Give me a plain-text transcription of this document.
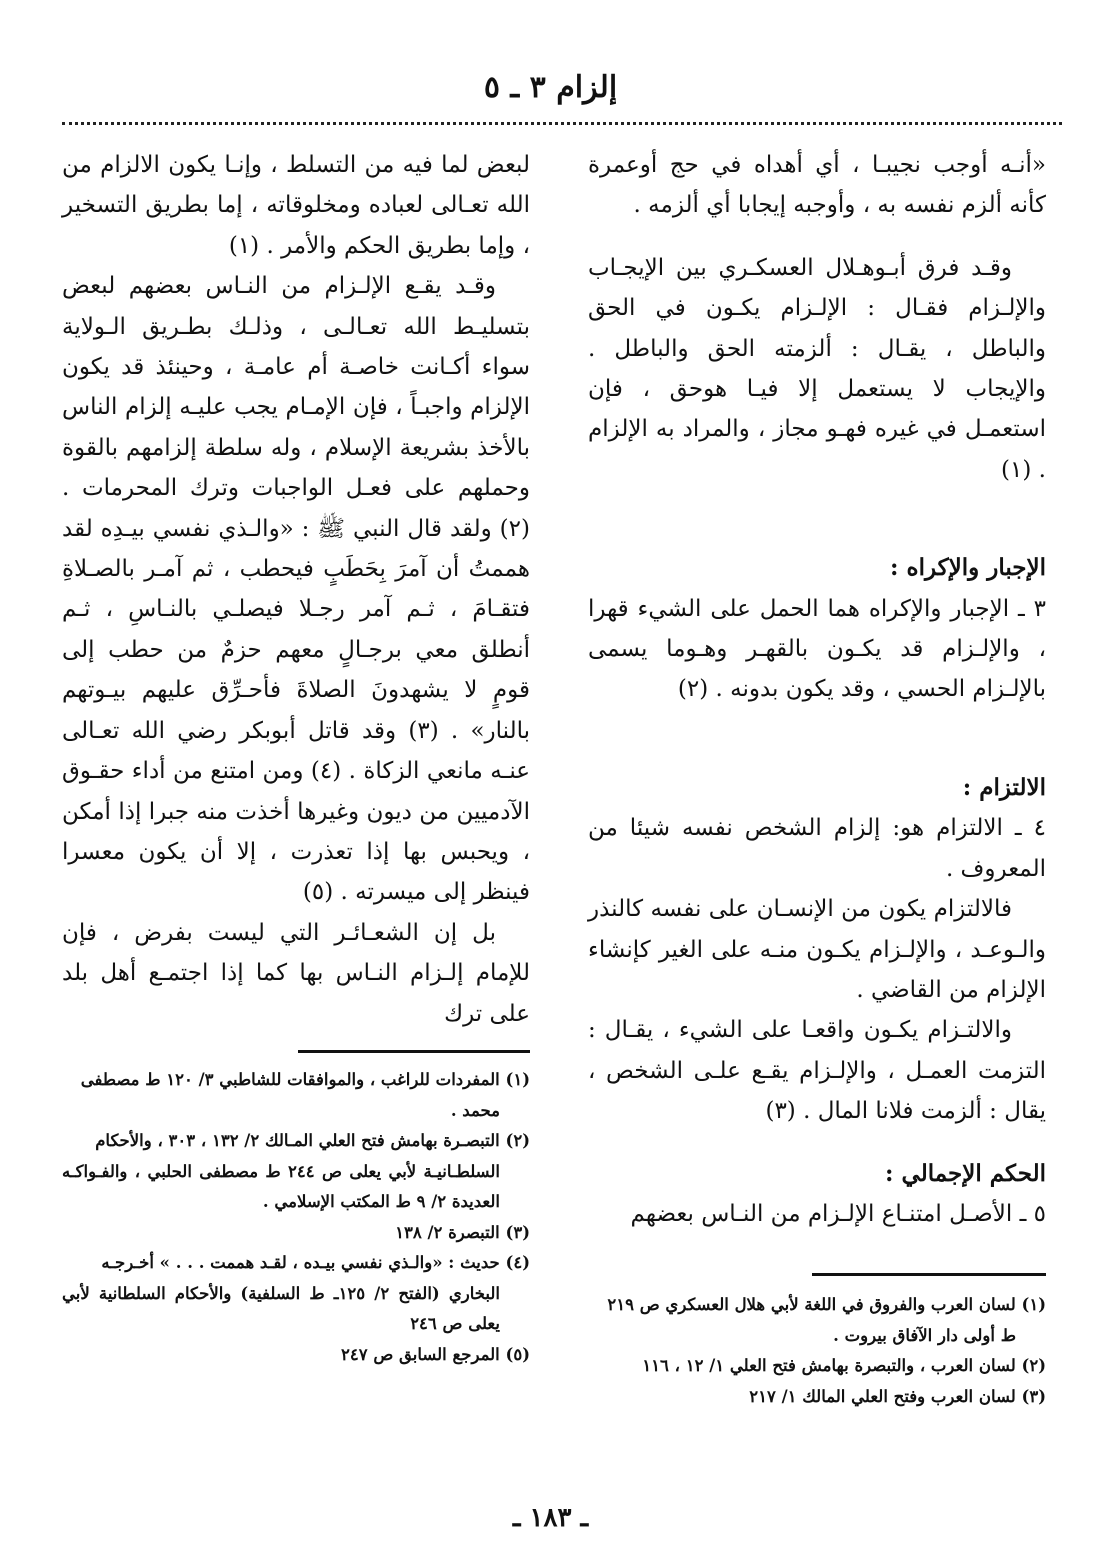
إلزام ٣ ـ ٥

«أنـه أوجب نجيبـا ، أي أهداه في حج أوعمرة كأنه ألزم نفسه به ، وأوجبه إيجابا أي ألزمه .

وقـد فرق أبـوهـلال العسكـري بين الإيجـاب والإلـزام فقـال : الإلـزام يكـون في الحق والباطل ، يقـال : ألزمته الحق والباطل . والإيجاب لا يستعمل إلا فيـا هوحق ، فإن استعمـل في غيره فهـو مجاز ، والمراد به الإلزام . (١)

الإجبار والإكراه :

٣ ـ الإجبار والإكراه هما الحمل على الشيء قهرا ، والإلـزام قد يكـون بالقهـر وهـوما يسمى بالإلـزام الحسي ، وقد يكون بدونه . (٢)

الالتزام :

٤ ـ الالتزام هو: إلزام الشخص نفسه شيئا من المعروف .

فالالتزام يكون من الإنسـان على نفسه كالنذر والـوعـد ، والإلـزام يكـون منـه على الغير كإنشاء الإلزام من القاضي .

والالتـزام يكـون واقعـا على الشيء ، يقـال : التزمت العمـل ، والإلـزام يقـع علـى الشخص ، يقال : ألزمت فلانا المال . (٣)

الحكم الإجمالي :

٥ ـ الأصـل امتنـاع الإلـزام من النـاس بعضهم

لبعض لما فيه من التسلط ، وإنـا يكون الالزام من الله تعـالى لعباده ومخلوقاته ، إما بطريق التسخير ، وإما بطريق الحكم والأمر . (١)

وقـد يقـع الإلـزام من النـاس بعضهم لبعض بتسليـط الله تعـالـى ، وذلـك بطـريق الـولاية سواء أكـانت خاصـة أم عامـة ، وحينئذ قد يكون الإلزام واجبـاً ، فإن الإمـام يجب عليـه إلزام الناس بالأخذ بشريعة الإسلام ، وله سلطة إلزامهم بالقوة وحملهم على فعـل الواجبات وترك المحرمات . (٢) ولقد قال النبي ﷺ : «والـذي نفسي بيـدِه لقد هممتُ أن آمرَ بِحَطَبٍ فيحطب ، ثم آمـر بالصـلاةِ فتقـامَ ، ثـم آمر رجـلا فيصلـي بالنـاسِ ، ثـم أنطلق معي برجـالٍ معهم حزمٌ من حطب إلى قومٍ لا يشهدونَ الصلاةَ فأحـرِّق عليهم بيـوتهم بالنار» . (٣) وقد قاتل أبوبكر رضي الله تعـالى عنـه مانعي الزكاة . (٤) ومن امتنع من أداء حقـوق الآدميين من ديون وغيرها أخذت منه جبرا إذا أمكن ، ويحبس بها إذا تعذرت ، إلا أن يكون معسرا فينظر إلى ميسرته . (٥)

بل إن الشعـائـر التي ليست بفرض ، فإن للإمام إلـزام النـاس بها كما إذا اجتمـع أهل بلد على ترك

(١) المفردات للراغب ، والموافقات للشاطبي ٣/ ١٢٠ ط مصطفى
محمد .
(٢) التبصـرة بهامش فتح العلي المـالك ٢/ ١٣٢ ، ٣٠٣ ، والأحكام
السلطـانيـة لأبي يعلى ص ٢٤٤ ط مصطفى الحلبي ، والفـواكـه العديدة ٢/ ٩ ط المكتب الإسلامي .
(٣) التبصرة ٢/ ١٣٨
(٤) حديث : «والـذي نفسي بيـده ، لقـد هممت . . . » أخـرجـه
البخاري (الفتح ٢/ ١٢٥ـ ط السلفية) والأحكام السلطانية لأبي يعلى ص ٢٤٦
(٥) المرجع السابق ص ٢٤٧
(١) لسان العرب والفروق في اللغة لأبي هلال العسكري ص ٢١٩
ط أولى دار الآفاق بيروت .
(٢) لسان العرب ، والتبصرة بهامش فتح العلي ١/ ١٢ ، ١١٦
(٣) لسان العرب وفتح العلي المالك ١/ ٢١٧
ـ ١٨٣ ـ
